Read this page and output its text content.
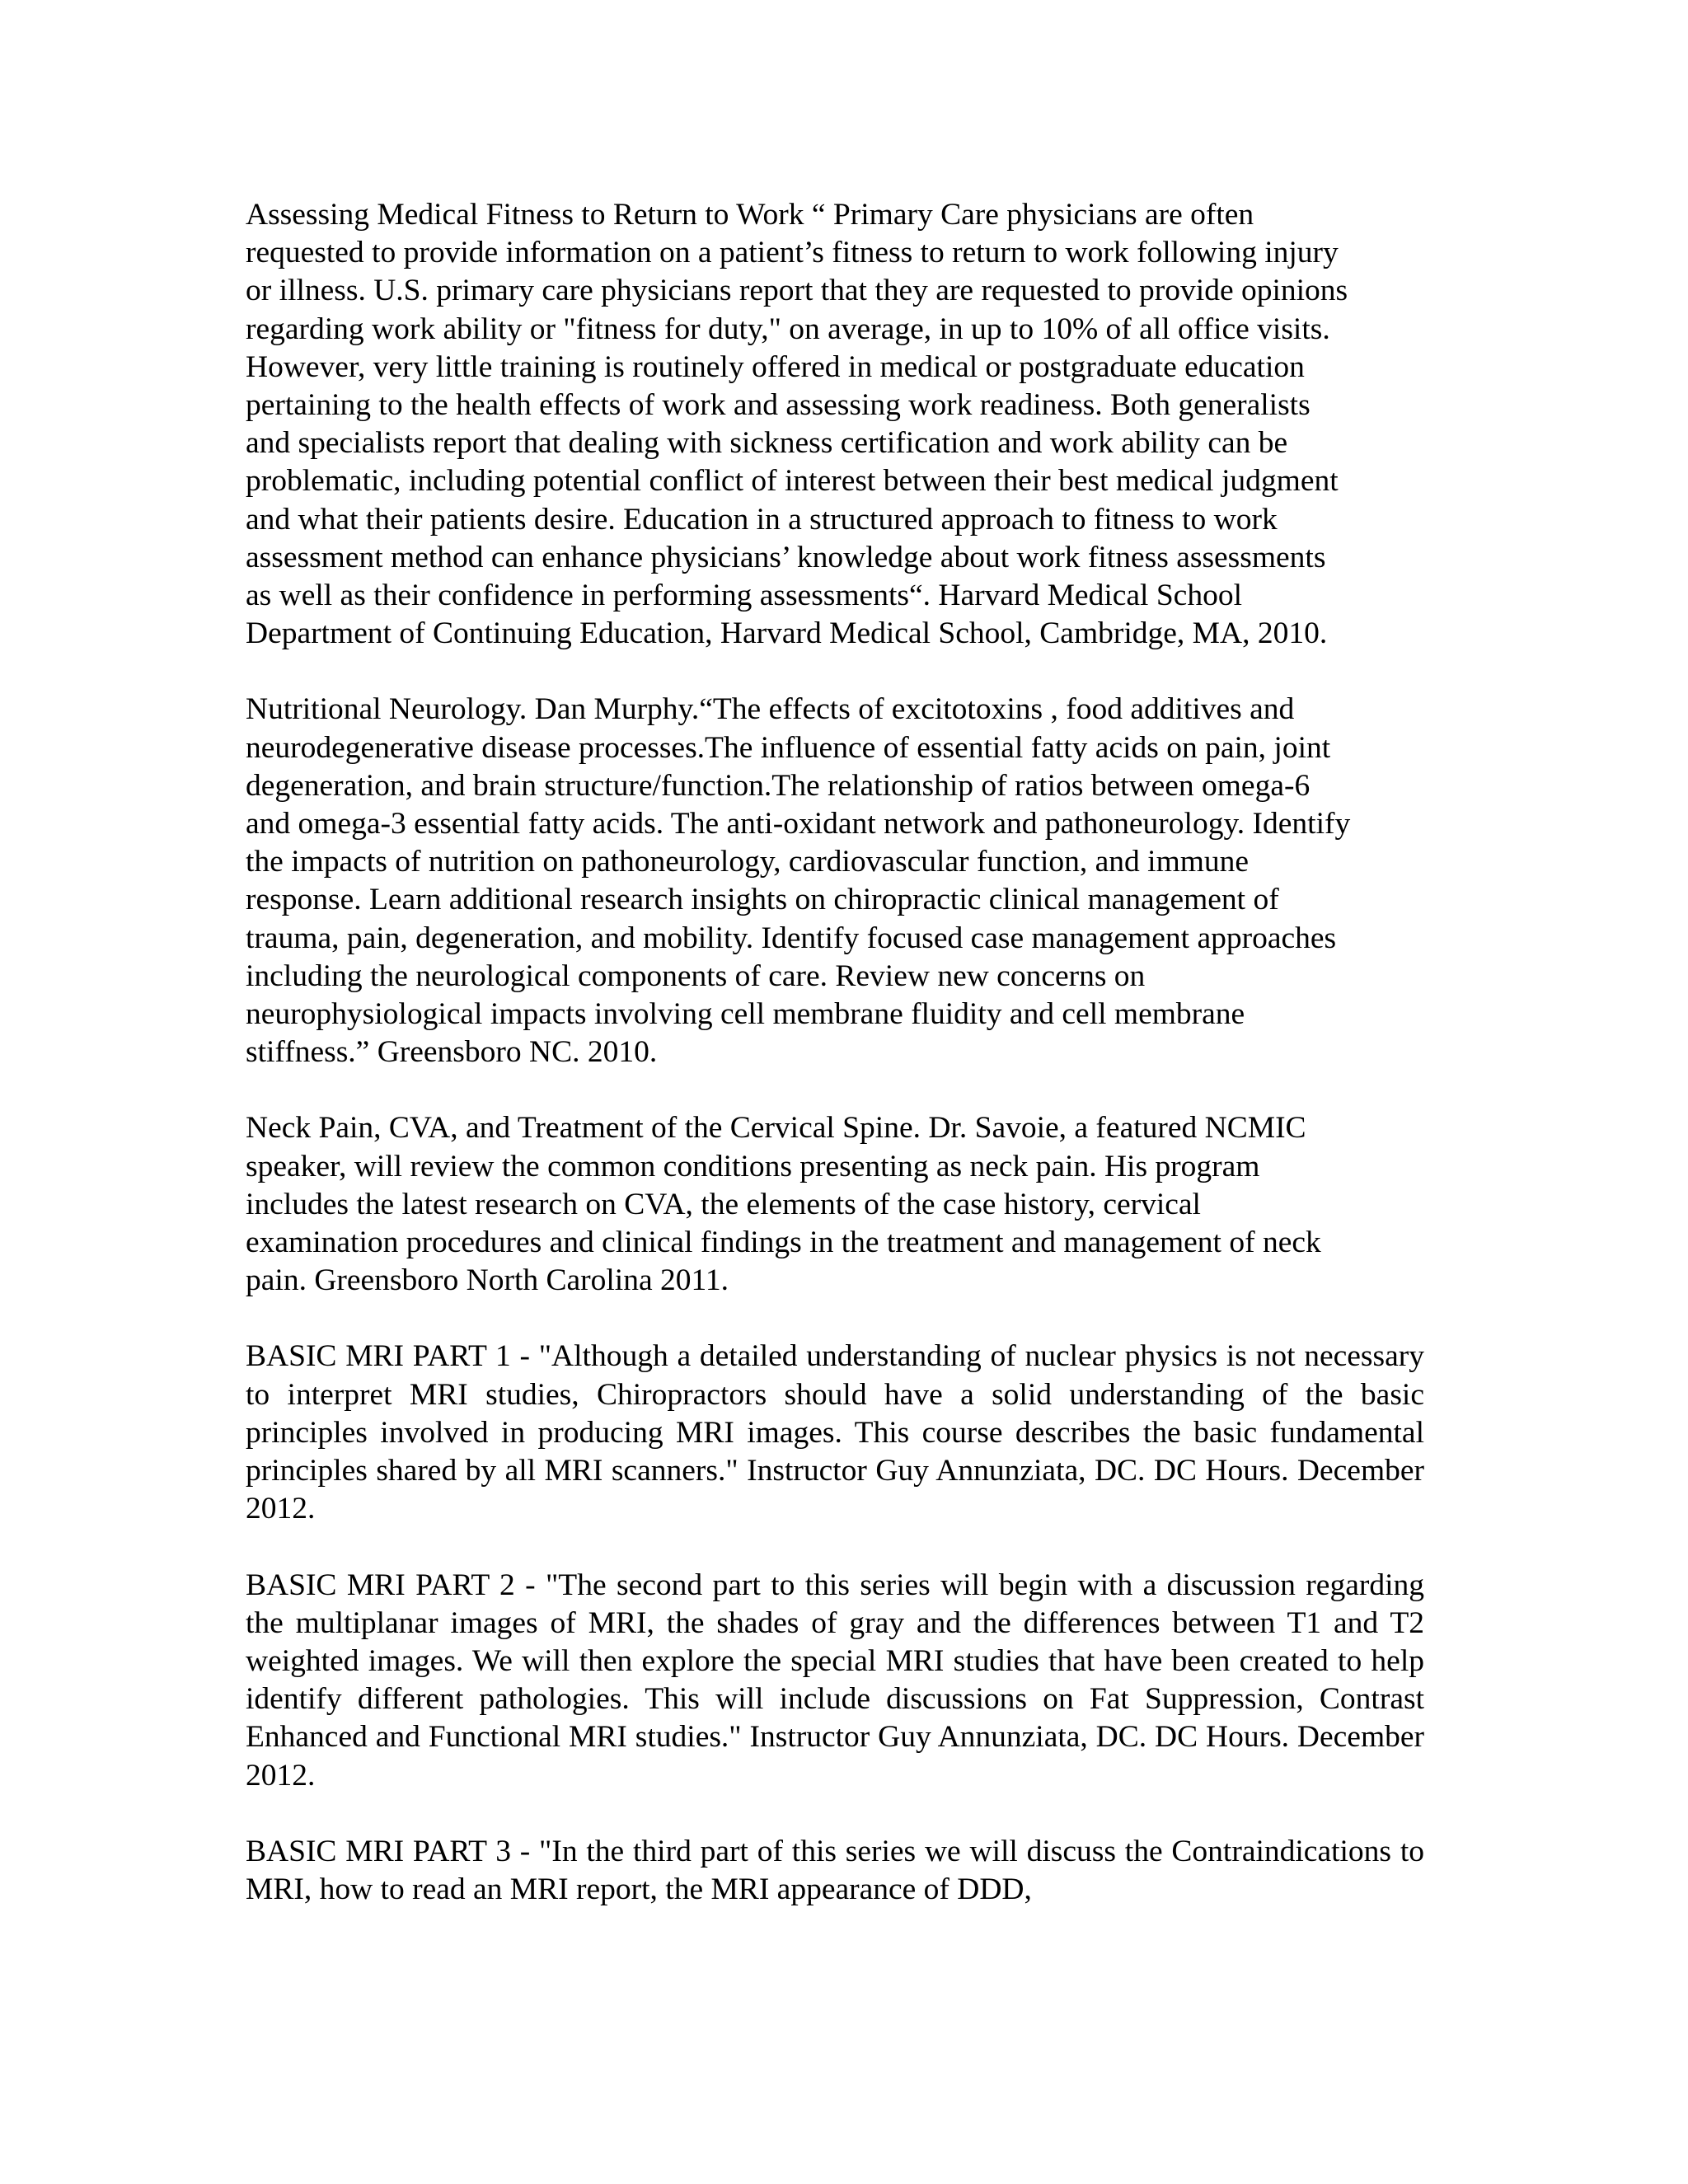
Assessing Medical Fitness to Return to Work “ Primary Care physicians are often
requested to provide information on a patient’s fitness to return to work following injury
or illness. U.S. primary care physicians report that they are requested to provide opinions
regarding work ability or "fitness for duty," on average, in up to 10% of all office visits.
However, very little training is routinely offered in medical or postgraduate education
pertaining to the health effects of work and assessing work readiness. Both generalists
and specialists report that dealing with sickness certification and work ability can be
problematic, including potential conflict of interest between their best medical judgment
and what their patients desire. Education in a structured approach to fitness to work
assessment method can enhance physicians’ knowledge about work fitness assessments
as well as their confidence in performing assessments“. Harvard Medical School
Department of Continuing Education, Harvard Medical School, Cambridge, MA, 2010.

Nutritional Neurology. Dan Murphy.“The effects of excitotoxins , food additives and
neurodegenerative disease processes.The influence of essential fatty acids on pain, joint
degeneration, and brain structure/function.The relationship of ratios between omega-6
and omega-3 essential fatty acids. The anti-oxidant network and pathoneurology. Identify
the impacts of nutrition on pathoneurology, cardiovascular function, and immune
response. Learn additional research insights on chiropractic clinical management of
trauma, pain, degeneration, and mobility. Identify focused case management approaches
including the neurological components of care. Review new concerns on
neurophysiological impacts involving cell membrane fluidity and cell membrane
stiffness.” Greensboro NC. 2010.

Neck Pain, CVA, and Treatment of the Cervical Spine. Dr. Savoie, a featured NCMIC
speaker, will review the common conditions presenting as neck pain. His program
includes the latest research on CVA, the elements of the case history, cervical
examination procedures and clinical findings in the treatment and management of neck
pain. Greensboro North Carolina 2011.

BASIC MRI PART 1 - "Although a detailed understanding of nuclear physics is not necessary to interpret MRI studies, Chiropractors should have a solid understanding of the basic principles involved in producing MRI images. This course describes the basic fundamental principles shared by all MRI scanners." Instructor Guy Annunziata, DC. DC Hours. December 2012.

BASIC MRI PART 2 - "The second part to this series will begin with a discussion regarding the multiplanar images of MRI, the shades of gray and the differences between T1 and T2 weighted images. We will then explore the special MRI studies that have been created to help identify different pathologies. This will include discussions on Fat Suppression, Contrast Enhanced and Functional MRI studies." Instructor Guy Annunziata, DC. DC Hours. December 2012.

BASIC MRI PART 3 - "In the third part of this series we will discuss the Contraindications to MRI, how to read an MRI report, the MRI appearance of DDD,
